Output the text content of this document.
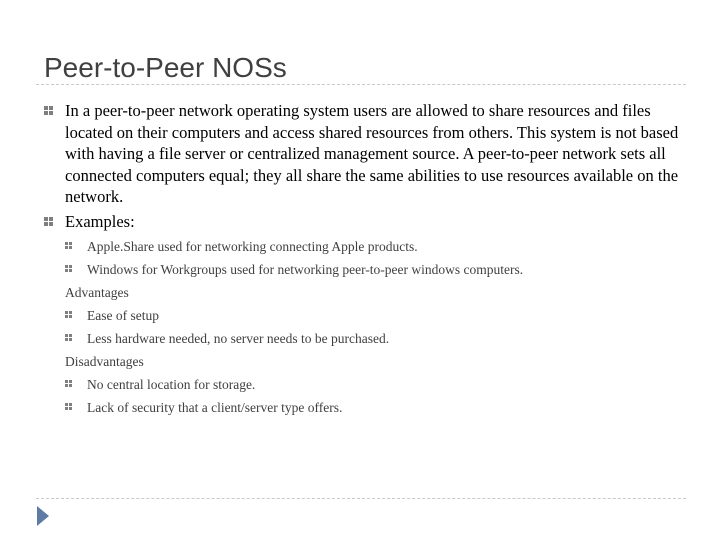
Peer-to-Peer NOSs
In a peer-to-peer network operating system users are allowed to share resources and files located on their computers and access shared resources from others. This system is not based with having a file server or centralized management source. A peer-to-peer network sets all connected computers equal; they all share the same abilities to use resources available on the network.
Examples:
Apple.Share used for networking connecting Apple products.
Windows for Workgroups used for networking peer-to-peer windows computers.
Advantages
Ease of setup
Less hardware needed, no server needs to be purchased.
Disadvantages
No central location for storage.
Lack of security that a client/server type offers.
